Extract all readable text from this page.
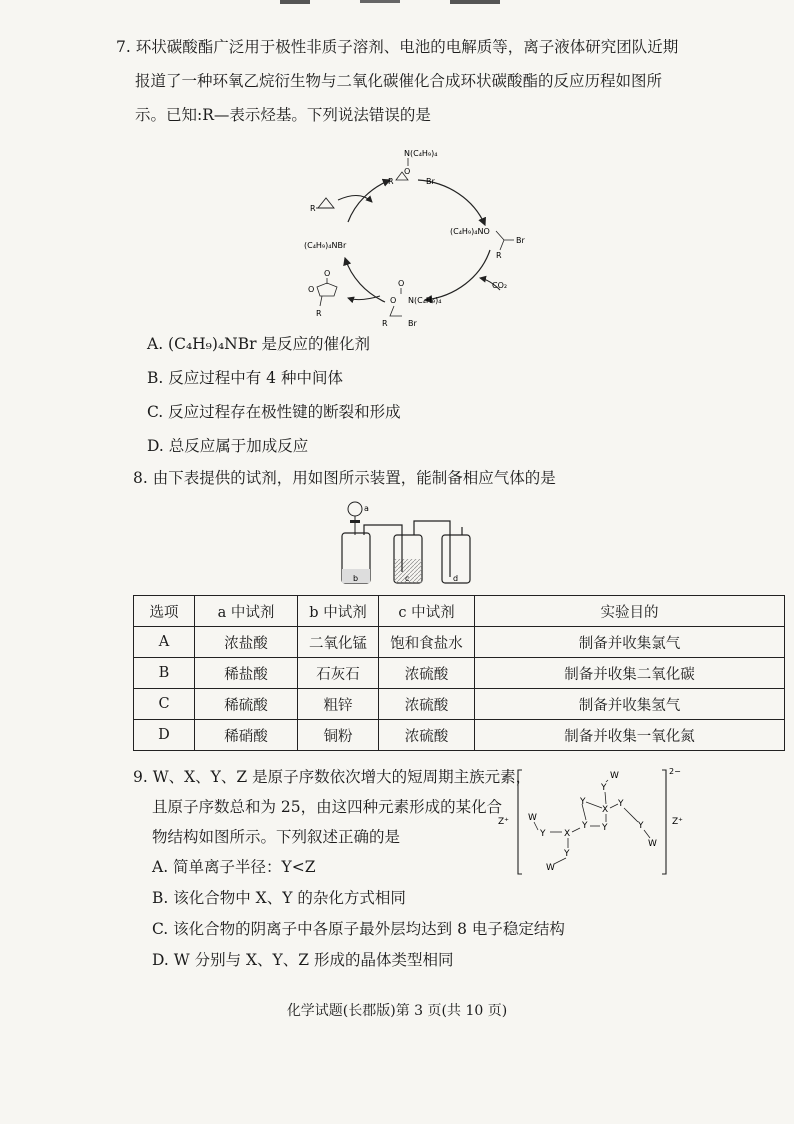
7. 环状碳酸酯广泛用于极性非质子溶剂、电池的电解质等，离子液体研究团队近期
报道了一种环氧乙烷衍生物与二氧化碳催化合成环状碳酸酯的反应历程如图所
示。已知:R—表示烃基。下列说法错误的是
N(C₄H₉)₄
O
R	Br
R
(C₄H₉)₄NBr
(C₄H₉)₄NO
Br
R
CO₂
O
O N(C₄H₉)₄
R	Br
O
O
R
A. (C₄H₉)₄NBr 是反应的催化剂
B. 反应过程中有 4 种中间体
C. 反应过程存在极性键的断裂和形成
D. 总反应属于加成反应
8. 由下表提供的试剂，用如图所示装置，能制备相应气体的是
a
b	c	d
选项	a 中试剂	b 中试剂	c 中试剂	实验目的
A	浓盐酸	二氧化锰	饱和食盐水	制备并收集氯气
B	稀盐酸	石灰石	浓硫酸	制备并收集二氧化碳
C	稀硫酸	粗锌	浓硫酸	制备并收集氢气
D	稀硝酸	铜粉	浓硫酸	制备并收集一氧化氮
9. W、X、Y、Z 是原子序数依次增大的短周期主族元素，
且原子序数总和为 25，由这四种元素形成的某化合
物结构如图所示。下列叙述正确的是
2−
Z⁺	Z⁺
W
Y
X
Y	Y
Y
W
Y
Y
X
Y
W
Y
W
A. 简单离子半径：Y<Z
B. 该化合物中 X、Y 的杂化方式相同
C. 该化合物的阴离子中各原子最外层均达到 8 电子稳定结构
D. W 分别与 X、Y、Z 形成的晶体类型相同
化学试题(长郡版)第 3 页(共 10 页)
